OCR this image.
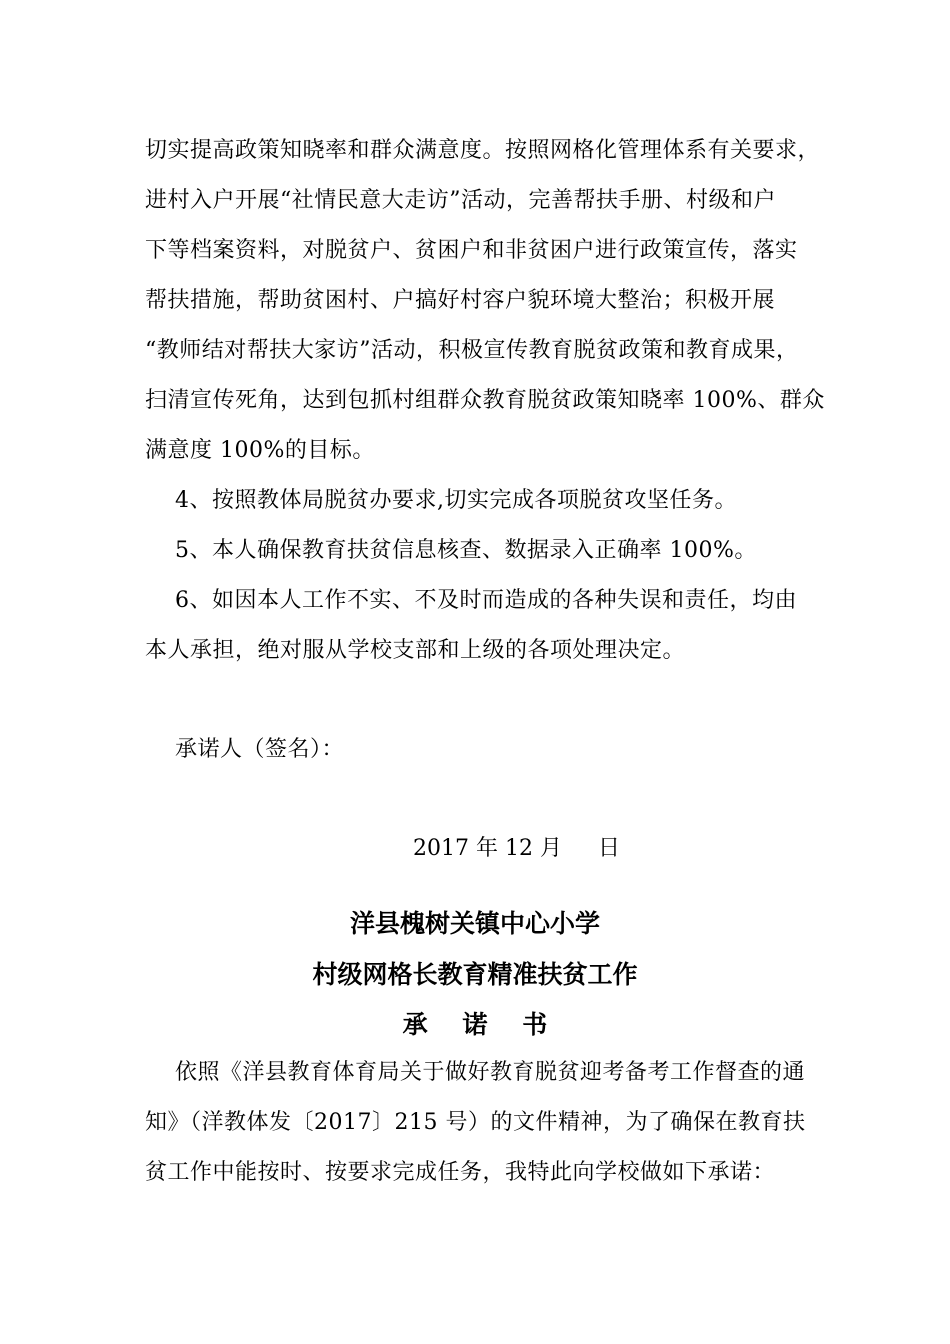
切实提高政策知晓率和群众满意度。按照网格化管理体系有关要求，
进村入户开展“社情民意大走访”活动，完善帮扶手册、村级和户
下等档案资料，对脱贫户、贫困户和非贫困户进行政策宣传，落实
帮扶措施，帮助贫困村、户搞好村容户貌环境大整治；积极开展
“教师结对帮扶大家访”活动，积极宣传教育脱贫政策和教育成果，
扫清宣传死角，达到包抓村组群众教育脱贫政策知晓率 100%、群众
满意度 100%的目标。
4、按照教体局脱贫办要求,切实完成各项脱贫攻坚任务。
5、本人确保教育扶贫信息核查、数据录入正确率 100%。
6、如因本人工作不实、不及时而造成的各种失误和责任，均由
本人承担，绝对服从学校支部和上级的各项处理决定。
承诺人（签名）：
2017 年 12 月 日
洋县槐树关镇中心小学
村级网格长教育精准扶贫工作
承    诺    书
依照《洋县教育体育局关于做好教育脱贫迎考备考工作督查的通
知》（洋教体发〔2017〕215 号）的文件精神，为了确保在教育扶
贫工作中能按时、按要求完成任务，我特此向学校做如下承诺：
